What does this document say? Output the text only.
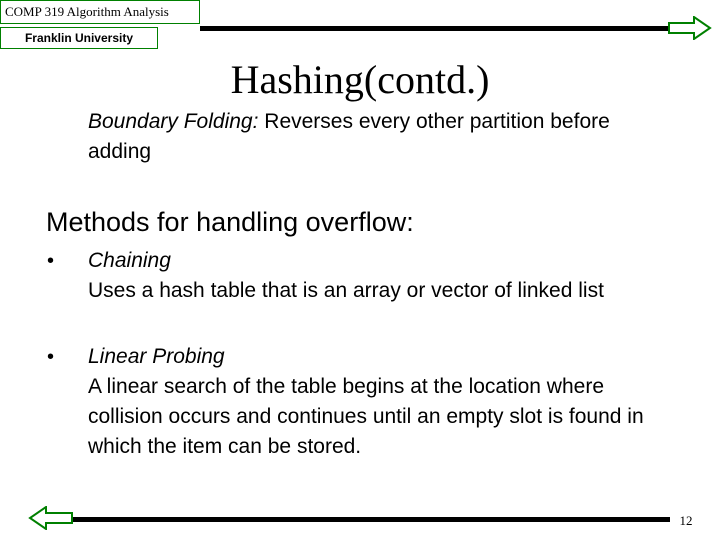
COMP 319 Algorithm Analysis
Franklin University
Hashing(contd.)
Boundary Folding: Reverses every other partition before adding
Methods for handling overflow:
• Chaining
Uses a hash table that is an array or vector of linked list
• Linear Probing
A linear search of the table begins at the location where collision occurs and continues until an empty slot is found in which the item can be stored.
12
